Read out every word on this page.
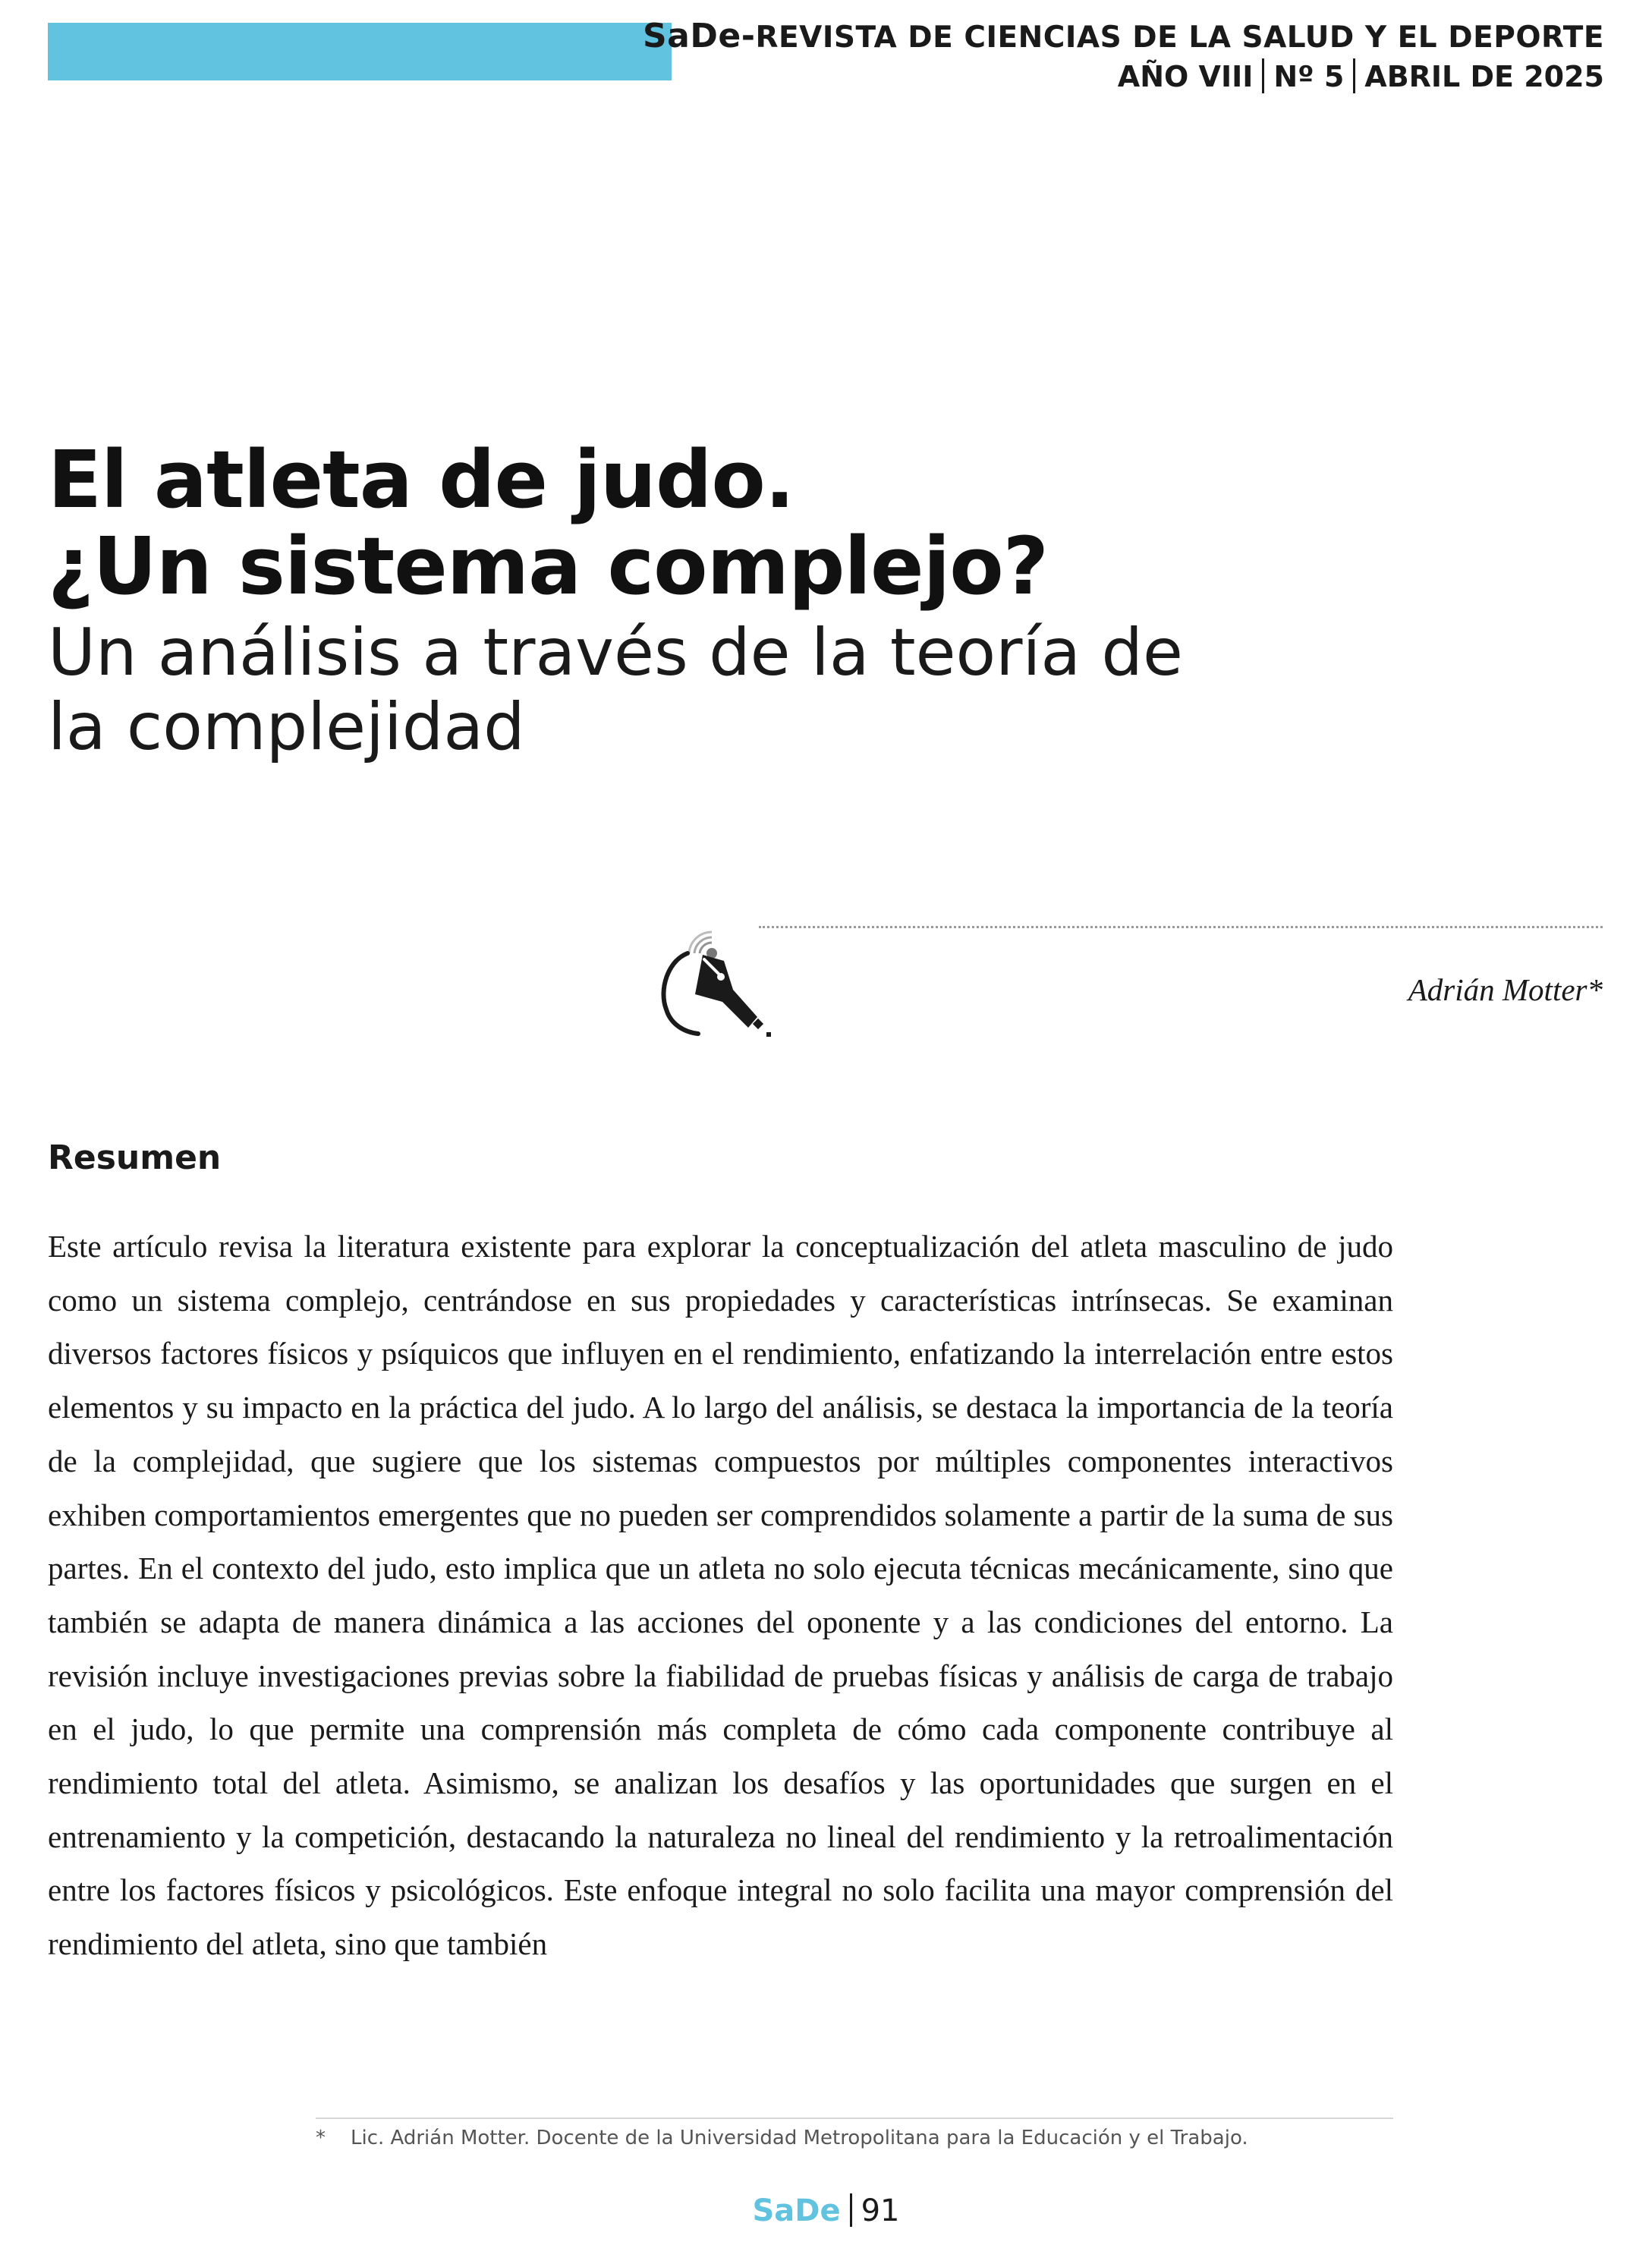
SaDe-REVISTA DE CIENCIAS DE LA SALUD Y EL DEPORTE
AÑO VIII Nº 5 ABRIL DE 2025
El atleta de judo.
¿Un sistema complejo?
Un análisis a través de la teoría de
la complejidad
Adrián Motter*
Resumen

Este artículo revisa la literatura existente para explorar la conceptualización del atleta masculino de judo como un sistema complejo, centrándose en sus propiedades y características intrínsecas. Se examinan diversos factores físicos y psíquicos que influyen en el rendimiento, enfatizando la interrelación entre estos elementos y su impacto en la práctica del judo. A lo largo del análisis, se destaca la importancia de la teoría de la complejidad, que sugiere que los sistemas compuestos por múltiples componentes interactivos exhiben comportamientos emergentes que no pueden ser comprendidos solamente a partir de la suma de sus partes. En el contexto del judo, esto implica que un atleta no solo ejecuta técnicas mecánicamente, sino que también se adapta de manera dinámica a las acciones del oponente y a las condiciones del entorno. La revisión incluye investigaciones previas sobre la fiabilidad de pruebas físicas y análisis de carga de trabajo en el judo, lo que permite una comprensión más completa de cómo cada componente contribuye al rendimiento total del atleta. Asimismo, se analizan los desafíos y las oportunidades que surgen en el entrenamiento y la competición, destacando la naturaleza no lineal del rendimiento y la retroalimentación entre los factores físicos y psicológicos. Este enfoque integral no solo facilita una mayor comprensión del rendimiento del atleta, sino que también

* Lic. Adrián Motter. Docente de la Universidad Metropolitana para la Educación y el Trabajo.
SaDe 91
